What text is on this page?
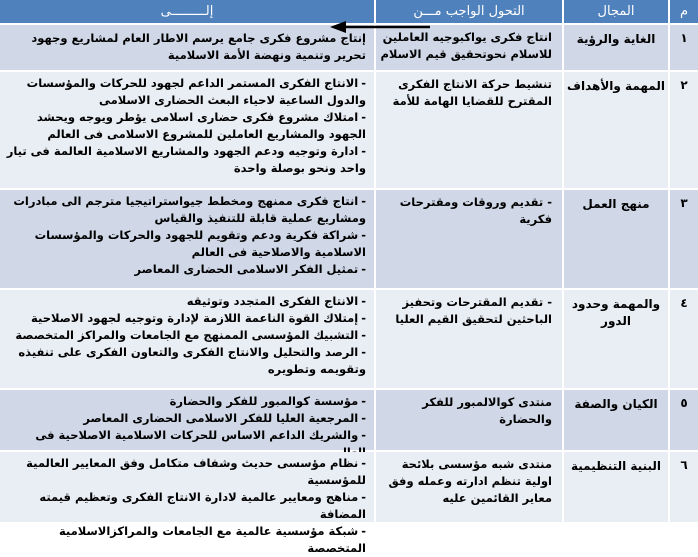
م
المجال
التحول الواجب مـــن
إلـــــــــى
١
الغاية والرؤية
انتاج فكرى يواكبوجيه العاملين للاسلام نحوتحقيق قيم الاسلام
إنتاج مشروع فكرى جامع يرسم الاطار العام لمشاريع وجهود تحرير وتنمية ونهضة الأمة الاسلامية
٢
المهمة والأهداف
تنشيط حركة الانتاج الفكرى المقترح للقضايا الهامة للأمة
-الانتاج الفكرى المستمر الداعم لجهود للحركات والمؤسسات والدول الساعية لاحياء البعث الحضارى الاسلامى
-امتلاك مشروع فكرى حضارى اسلامى يؤطر ويوجه ويحشد الجهود والمشاريع العاملين للمشروع الاسلامى فى العالم
-ادارة وتوجيه ودعم الجهود والمشاريع الاسلامية العالمة فى تيار واحد ونحو بوصلة واحدة
٣
منهج العمل
- تقديم وروقات ومقترحات فكرية
-انتاج فكرى ممنهج ومخطط جيواستراتيجيا مترجم الى مبادرات ومشاريع عملية قابلة للتنفيذ والقياس
-شراكة فكرية ودعم وتقويم للجهود والحركات والمؤسسات الاسلامية والاصلاحية فى العالم
-تمثيل الفكر الاسلامى الحضارى المعاصر
٤
والمهمة وحدود الدور
- تقديم المقترحات وتحفيز الباحثين لتحقيق القيم العليا
-الانتاج الفكرى المتجدد وتوثيقه
-إمتلاك القوة الناعمة اللازمة لإدارة وتوجيه لجهود الاصلاحية
-التشبيك المؤسسى الممنهج مع الجامعات والمراكز المتخصصة
-الرصد والتحليل والانتاج الفكرى والتعاون الفكرى على تنفيذه وتقويمه وتطويره
٥
الكيان والصفة
منتدى كوالالمبور للفكر والحضارة
-مؤسسة كوالمبور للفكر والحضارة
-المرجعية العليا للفكر الاسلامى الحضارى المعاصر
-والشريك الداعم الاساس للحركات الاسلامية الاصلاحية فى
٦
البنية التنظيمية
منتدى شبه مؤسسى بلائحة اولية تنظم ادارته وعمله وفق معاير القائمين عليه
-نظام مؤسسى حديث وشفاف متكامل وفق المعايير العالمية للمؤسسية
-مناهج ومعايير عالمية لادارة الانتاج الفكرى وتعظيم قيمته المضافة
-شبكة مؤسسية عالمية مع الجامعات والمراكزالاسلامية المتخصصة
